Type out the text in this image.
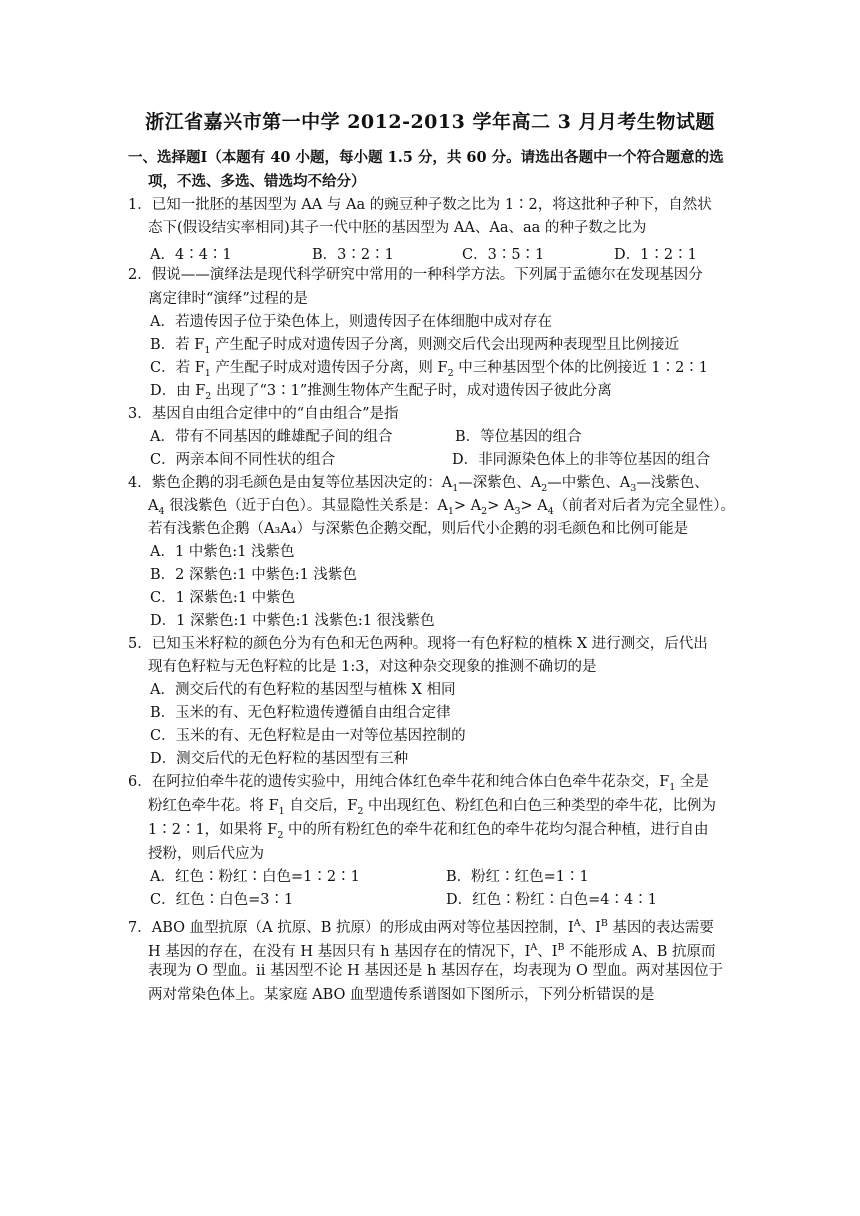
浙江省嘉兴市第一中学 2012-2013 学年高二 3 月月考生物试题
一、选择题Ⅰ（本题有 40 小题，每小题 1.5 分，共 60 分。请选出各题中一个符合题意的选
项，不选、多选、错选均不给分）
1．已知一批胚的基因型为 AA 与 Aa 的豌豆种子数之比为 1∶2，将这批种子种下，自然状
态下(假设结实率相同)其子一代中胚的基因型为 AA、Aa、aa 的种子数之比为
A．4∶4∶1	B．3∶2∶1	C．3∶5∶1	D．1∶2∶1
2．假说——演绎法是现代科学研究中常用的一种科学方法。下列属于孟德尔在发现基因分
离定律时“演绎”过程的是
A．若遗传因子位于染色体上，则遗传因子在体细胞中成对存在
B．若 $F_1$ 产生配子时成对遗传因子分离，则测交后代会出现两种表现型且比例接近
C．若 $F_1$ 产生配子时成对遗传因子分离，则 $F_2$ 中三种基因型个体的比例接近 1∶2∶1
D．由 $F_2$ 出现了“3∶1”推测生物体产生配子时，成对遗传因子彼此分离
3．基因自由组合定律中的“自由组合”是指
A．带有不同基因的雌雄配子间的组合	B．等位基因的组合
C．两亲本间不同性状的组合	D．非同源染色体上的非等位基因的组合
4．紫色企鹅的羽毛颜色是由复等位基因决定的：$A_1—$深紫色、$A_2—$中紫色、$A_3—$浅紫色、
$A_4$ 很浅紫色（近于白色）。其显隐性关系是：$A_1> A_2> A_3> A_4$（前者对后者为完全显性）。
若有浅紫色企鹅（A₃A₄）与深紫色企鹅交配，则后代小企鹅的羽毛颜色和比例可能是
A．1 中紫色:1 浅紫色
B．2 深紫色:1 中紫色:1 浅紫色
C．1 深紫色:1 中紫色
D．1 深紫色:1 中紫色:1 浅紫色:1 很浅紫色
5．已知玉米籽粒的颜色分为有色和无色两种。现将一有色籽粒的植株 X 进行测交，后代出
现有色籽粒与无色籽粒的比是 1:3，对这种杂交现象的推测不确切的是
A．测交后代的有色籽粒的基因型与植株 X 相同
B．玉米的有、无色籽粒遗传遵循自由组合定律
C．玉米的有、无色籽粒是由一对等位基因控制的
D．测交后代的无色籽粒的基因型有三种
6．在阿拉伯牵牛花的遗传实验中，用纯合体红色牵牛花和纯合体白色牵牛花杂交，$F_1$ 全是
粉红色牵牛花。将 $F_1$ 自交后，$F_2$ 中出现红色、粉红色和白色三种类型的牵牛花，比例为
1∶2∶1，如果将 $F_2$ 中的所有粉红色的牵牛花和红色的牵牛花均匀混合种植，进行自由
授粉，则后代应为
A．红色∶粉红∶白色=1∶2∶1	B．粉红∶红色=1∶1
C．红色∶白色=3∶1	D．红色∶粉红∶白色=4∶4∶1
7．ABO 血型抗原（A 抗原、B 抗原）的形成由两对等位基因控制，$I^A$、$I^B$ 基因的表达需要
H 基因的存在，在没有 H 基因只有 h 基因存在的情况下，$I^A$、$I^B$ 不能形成 A、B 抗原而
表现为 O 型血。ii 基因型不论 H 基因还是 h 基因存在，均表现为 O 型血。两对基因位于
两对常染色体上。某家庭 ABO 血型遗传系谱图如下图所示，下列分析错误的是
